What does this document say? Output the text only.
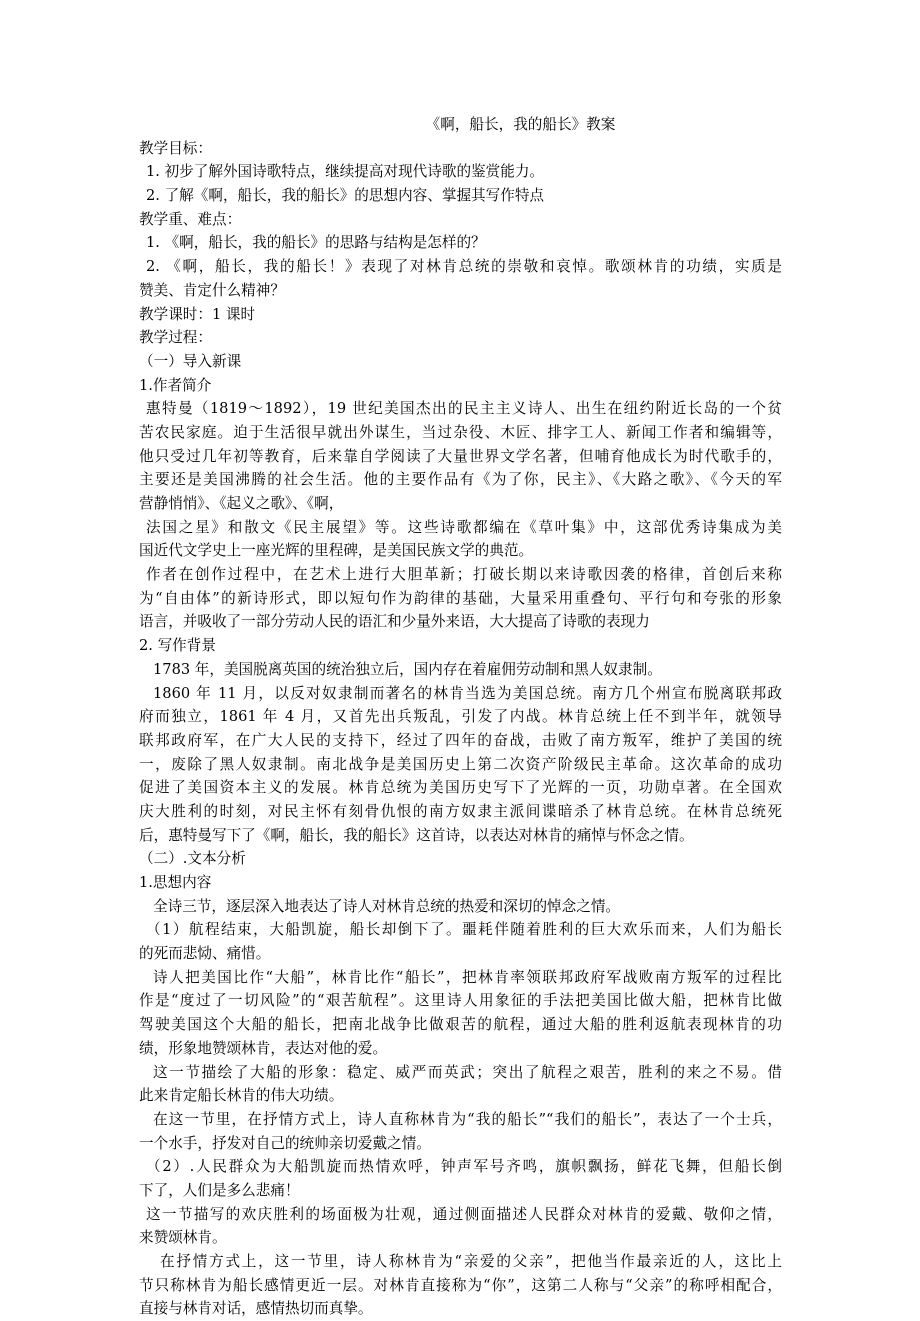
《啊，船长，我的船长》教案
教学目标：
1. 初步了解外国诗歌特点，继续提高对现代诗歌的鉴赏能力。
2. 了解《啊，船长，我的船长》的思想内容、掌握其写作特点
教学重、难点：
1. 《啊，船长，我的船长》的思路与结构是怎样的？
2. 《啊，船长，我的船长！》表现了对林肯总统的崇敬和哀悼。歌颂林肯的功绩，实质是
赞美、肯定什么精神？
教学课时：1 课时
教学过程：
（一）导入新课
1.作者简介
惠特曼（1819～1892），19 世纪美国杰出的民主主义诗人、出生在纽约附近长岛的一个贫
苦农民家庭。迫于生活很早就出外谋生，当过杂役、木匠、排字工人、新闻工作者和编辑等，
他只受过几年初等教育，后来靠自学阅读了大量世界文学名著，但哺育他成长为时代歌手的，
主要还是美国沸腾的社会生活。他的主要作品有《为了你，民主》、《大路之歌》、《今天的军
营静悄悄》、《起义之歌》、《啊，
法国之星》和散文《民主展望》等。这些诗歌都编在《草叶集》中，这部优秀诗集成为美
国近代文学史上一座光辉的里程碑，是美国民族文学的典范。
作者在创作过程中，在艺术上进行大胆革新；打破长期以来诗歌因袭的格律，首创后来称
为“自由体”的新诗形式，即以短句作为韵律的基础，大量采用重叠句、平行句和夸张的形象
语言，并吸收了一部分劳动人民的语汇和少量外来语，大大提高了诗歌的表现力
2. 写作背景
1783 年，美国脱离英国的统治独立后，国内存在着雇佣劳动制和黑人奴隶制。
1860 年 11 月，以反对奴隶制而著名的林肯当选为美国总统。南方几个州宣布脱离联邦政
府而独立，1861 年 4 月，又首先出兵叛乱，引发了内战。林肯总统上任不到半年，就领导
联邦政府军，在广大人民的支持下，经过了四年的奋战，击败了南方叛军，维护了美国的统
一，废除了黑人奴隶制。南北战争是美国历史上第二次资产阶级民主革命。这次革命的成功
促进了美国资本主义的发展。林肯总统为美国历史写下了光辉的一页，功勋卓著。在全国欢
庆大胜利的时刻，对民主怀有刻骨仇恨的南方奴隶主派间谍暗杀了林肯总统。在林肯总统死
后，惠特曼写下了《啊，船长，我的船长》这首诗，以表达对林肯的痛悼与怀念之情。
（二）.文本分析
1.思想内容
全诗三节，逐层深入地表达了诗人对林肯总统的热爱和深切的悼念之情。
（1）航程结束，大船凯旋，船长却倒下了。噩耗伴随着胜利的巨大欢乐而来，人们为船长
的死而悲恸、痛惜。
诗人把美国比作“大船”，林肯比作“船长”，把林肯率领联邦政府军战败南方叛军的过程比
作是“度过了一切风险”的“艰苦航程”。这里诗人用象征的手法把美国比做大船，把林肯比做
驾驶美国这个大船的船长，把南北战争比做艰苦的航程，通过大船的胜利返航表现林肯的功
绩，形象地赞颂林肯，表达对他的爱。
这一节描绘了大船的形象：稳定、威严而英武；突出了航程之艰苦，胜利的来之不易。借
此来肯定船长林肯的伟大功绩。
在这一节里，在抒情方式上，诗人直称林肯为“我的船长”“我们的船长”，表达了一个士兵，
一个水手，抒发对自己的统帅亲切爱戴之情。
（2）.人民群众为大船凯旋而热情欢呼，钟声军号齐鸣，旗帜飘扬，鲜花飞舞，但船长倒
下了，人们是多么悲痛！
这一节描写的欢庆胜利的场面极为壮观，通过侧面描述人民群众对林肯的爱戴、敬仰之情，
来赞颂林肯。
在抒情方式上，这一节里，诗人称林肯为“亲爱的父亲”，把他当作最亲近的人，这比上
节只称林肯为船长感情更近一层。对林肯直接称为“你”，这第二人称与“父亲”的称呼相配合，
直接与林肯对话，感情热切而真挚。
